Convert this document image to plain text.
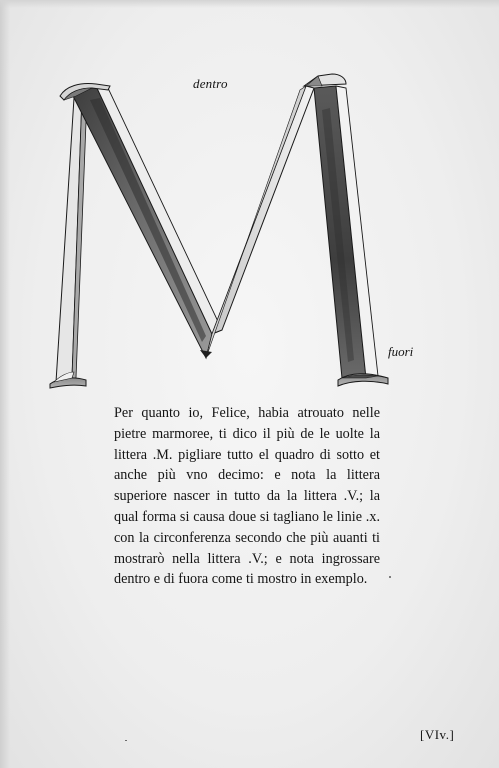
dentro
fuori

Per quanto io, Felice, habia atrouato nelle pietre marmoree, ti dico il più de le uolte la littera .M. pigliare tutto el quadro di sotto et anche più vno decimo: e nota la littera superiore nascer in tutto da la littera .V.; la qual forma si causa doue si tagliano le linie .x. con la circonferenza secondo che più auanti ti mostrarò nella littera .V.; e nota ingrossare dentro e di fuora come ti mostro in exemplo.

[VIv.]
